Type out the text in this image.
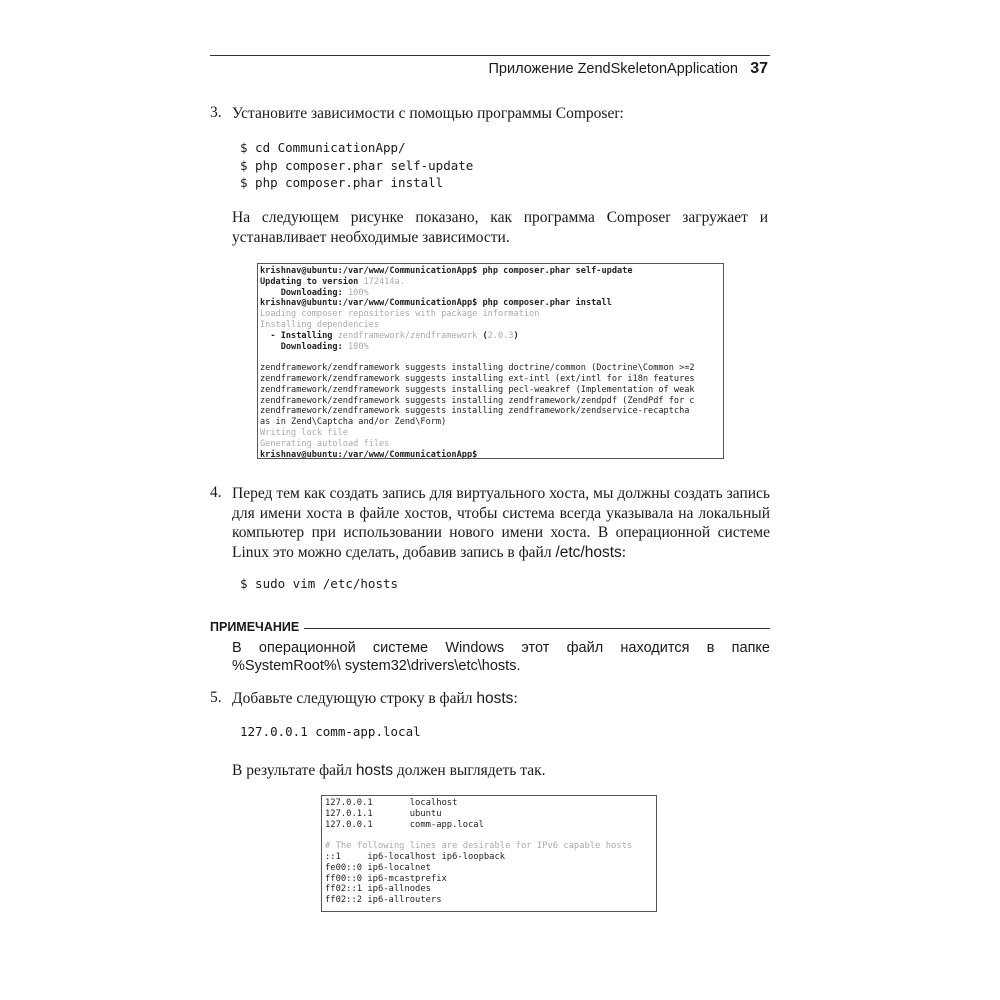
Приложение ZendSkeletonApplication 37
3. Установите зависимости с помощью программы Composer:
$ cd CommunicationApp/
$ php composer.phar self-update
$ php composer.phar install
На следующем рисунке показано, как программа Composer загружает и устанавливает необходимые зависимости.
krishnav@ubuntu:/var/www/CommunicationApp$ php composer.phar self-update
Updating to version 172414a.
Downloading: 100%
krishnav@ubuntu:/var/www/CommunicationApp$ php composer.phar install
Loading composer repositories with package information
Installing dependencies
- Installing zendframework/zendframework (2.0.3)
Downloading: 100%
zendframework/zendframework suggests installing doctrine/common (Doctrine\Common >=2
zendframework/zendframework suggests installing ext-intl (ext/intl for i18n features
zendframework/zendframework suggests installing pecl-weakref (Implementation of weak
zendframework/zendframework suggests installing zendframework/zendpdf (ZendPdf for c
zendframework/zendframework suggests installing zendframework/zendservice-recaptcha
as in Zend\Captcha and/or Zend\Form)
Writing lock file
Generating autoload files
krishnav@ubuntu:/var/www/CommunicationApp$
4. Перед тем как создать запись для виртуального хоста, мы должны создать запись для имени хоста в файле хостов, чтобы система всегда указывала на локальный компьютер при использовании нового имени хоста. В операционной системе Linux это можно сделать, добавив запись в файл /etc/hosts:
$ sudo vim /etc/hosts
ПРИМЕЧАНИЕ
В операционной системе Windows этот файл находится в папке %SystemRoot%\ system32\drivers\etc\hosts.
5. Добавьте следующую строку в файл hosts:
127.0.0.1 comm-app.local
В результате файл hosts должен выглядеть так.
127.0.0.1       localhost
127.0.1.1       ubuntu
127.0.0.1       comm-app.local
# The following lines are desirable for IPv6 capable hosts
::1     ip6-localhost ip6-loopback
fe00::0 ip6-localnet
ff00::0 ip6-mcastprefix
ff02::1 ip6-allnodes
ff02::2 ip6-allrouters
